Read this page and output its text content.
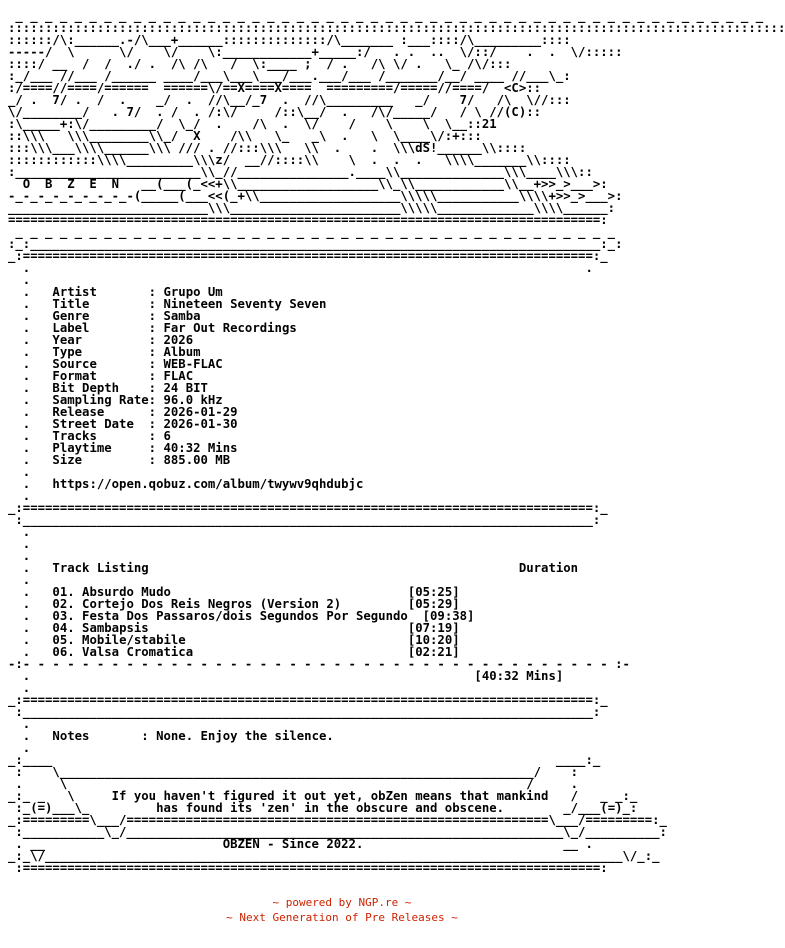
_ _ _ _ _ _ _ _ _ _ _ _ _ _ _ _ _ _ _ _ _ _ _ _ _ _ _ _ _ _ _ _ _ _ _ _ _ _ _ _ _ _ _ _ _ _ _ _ _ _ _
:::::::::::::::::::::::::::::::::::::::::::::::::::::::::::::::::::::::::::::::::::::::::::::::::::::::::
::::::/\:______.-/\___+______::::::::::::::/\_______ :___::::/\_________::::
-----/  \      \/    \/    \:____________+_____:/   . .  ..  \/::/    .  .  \/:::::
::::/ __  /  /  ./ .  /\ /\   /  \:____ ;  / .   /\ \/ .   \_ /\/:::
:_/___ //___ /______ ____/___\___\___/___.___/___ /_______/__/ ____ //___\_:
:/====//====/======  ======\/==X====X====  =========/=====//====/  <C>::
_/ .  7/ .  /  .    _/  .  //\__/_7  .  //\_________   _/    7/   /\  \//:::
\/________/   . 7/  . /  . /:\/     /::\__/  .   /\/_____/   / \ //(C)::
:\_____+:\/_________/  \_/  .    /\  .  \/    /    \    \  \__::21
::\\\   \\\________\\_/  X    /\\   \_   _\  .   \  \____\/:+:::
:::\\\___\\\\______\\\ /// . //:::\\\   \\  .    .  \\\dS!______\\::::
::::::::::::\\\\_________\\\z/  __//::::\\    \  .  .  .   \\\\_______\\::::
:_________________________\\_//_______________.____\\______________\\\____\\\::
O  B  Z  E  N   __(___(_<<+\\___________________\\_\\____________\\__+>>_>___>:
-_-_-_-_-_-_-_-_-(_____(___<<(_+\\___________________\\\\\___________\\\\+>>_>___>:
___________________________\\\_______________________\\\\\_____________\\\\______:
================================================================================:
_ _ _ _ _ _ _ _ _ _ _ _ _ _ _ _ _ _ _ _ _ _ _ _ _ _ _ _ _ _ _ _ _ _ _ _ _ _ _ _ _
:_:_____________________________________________________________________________:_:
_:=============================================================================:_
.                                                                           .
.
.   Artist       : Grupo Um
.   Title        : Nineteen Seventy Seven
.   Genre        : Samba
.   Label        : Far Out Recordings
.   Year         : 2026
.   Type         : Album
.   Source       : WEB-FLAC
.   Format       : FLAC
.   Bit Depth    : 24 BIT
.   Sampling Rate: 96.0 kHz
.   Release      : 2026-01-29
.   Street Date  : 2026-01-30
.   Tracks       : 6
.   Playtime     : 40:32 Mins
.   Size         : 885.00 MB
.
.   https://open.qobuz.com/album/twywv9qhdubjc
.
_:=============================================================================:_
:_____________________________________________________________________________:
.
.
.
.   Track Listing	Duration
.
.   01. Absurdo Mudo	[05:25]
.   02. Cortejo Dos Reis Negros (Version 2)	[05:29]
.   03. Festa Dos Passaros/dois Segundos Por Segundo [09:38]
.   04. Sambapsis	[07:19]
.   05. Mobile/stabile	[10:20]
.   06. Valsa Cromatica	[02:21]
-:- - - - - - - - - - - - - - - - - - - - - - - - - - - - - - - - - - - - - - - - :-
.	[40:32 Mins]
.
_:=============================================================================:_
:_____________________________________________________________________________:
.
.   Notes       : None. Enjoy the silence.
.
_:____                                                                    ____:_
:    \________________________________________________________________/    :
.     \                                                              /     .
_:_ _   \	If you haven't figured it out yet, obZen means that mankind   /   _ _:_
:_(=)___\_	has found its 'zen' in the obscure and obscene.	_/___(=)_:
_:=========\___/=========================================================\___/=========:_
:___________\_/___________________________________________________________\_/__________:
. __	OBZEN - Since 2022.	__ .
_:_\/______________________________________________________________________________\/_:_
:==============================================================================:
~ powered by NGP.re ~
~ Next Generation of Pre Releases ~
